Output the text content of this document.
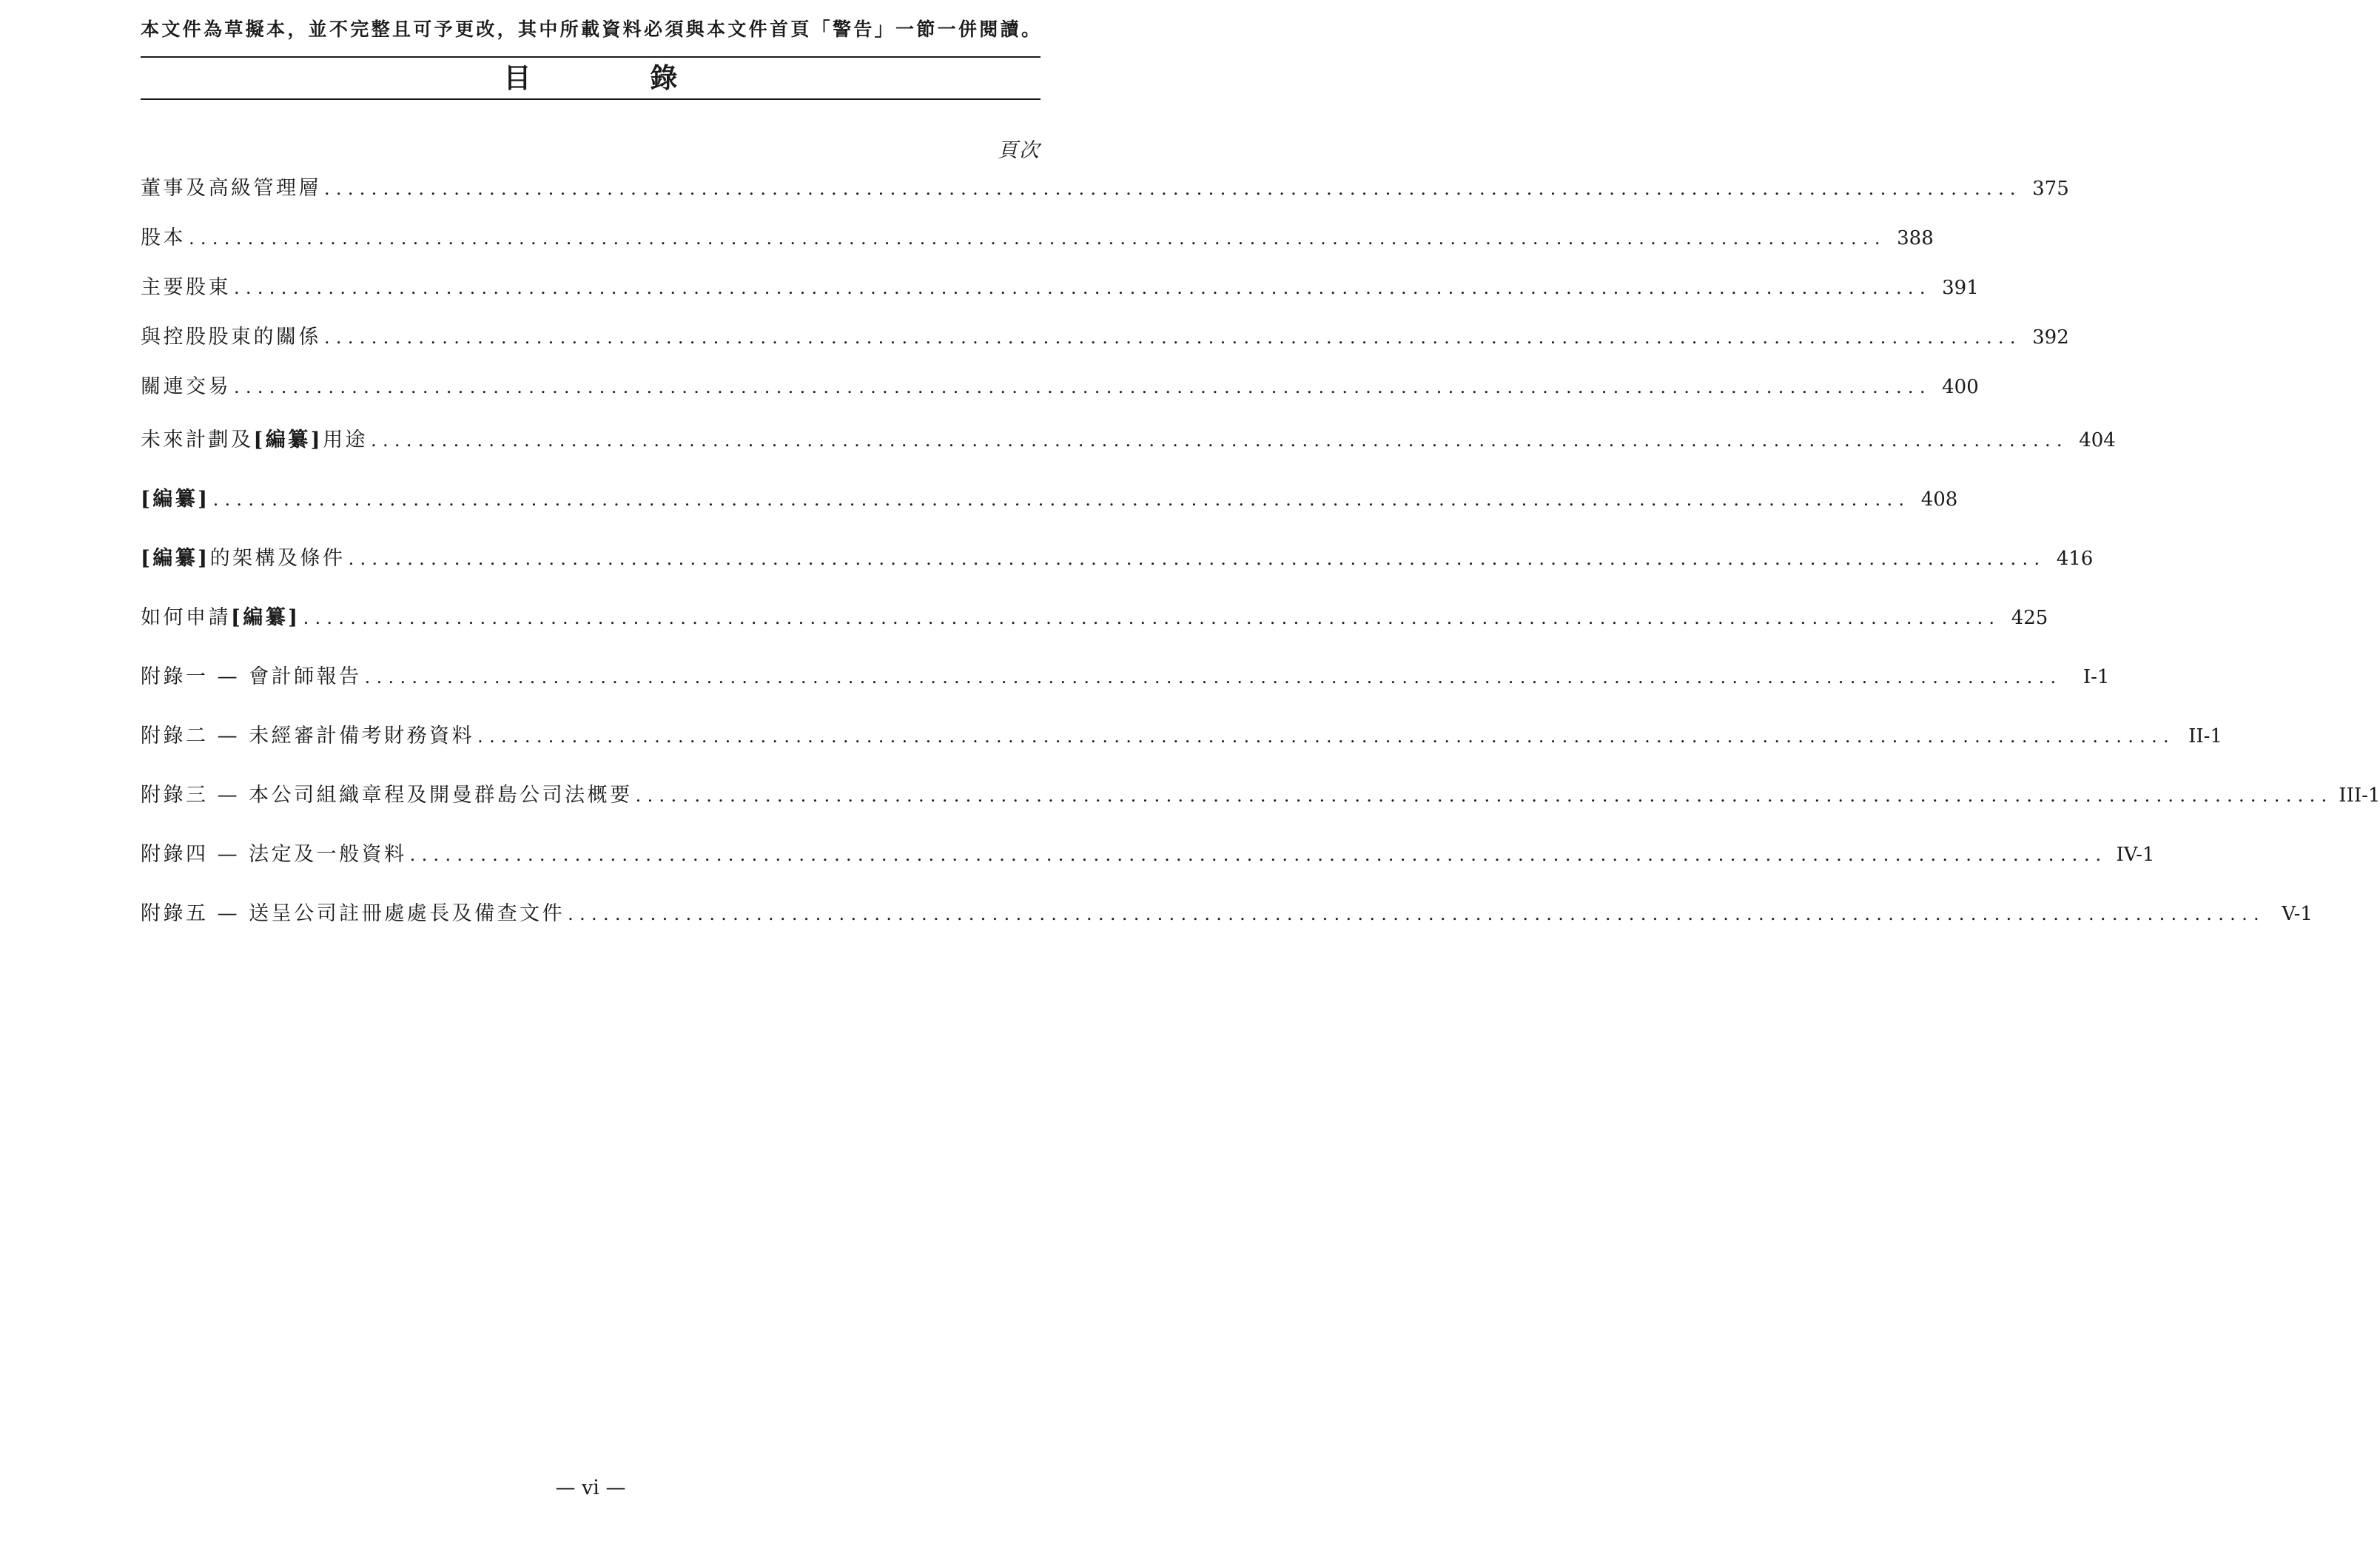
本文件為草擬本，並不完整且可予更改，其中所載資料必須與本文件首頁「警告」一節一併閱讀。
目 錄
頁次
董事及高級管理層 ................................................................................................................................................ 375
股本 ................................................................................................................................................ 388
主要股東 ................................................................................................................................................ 391
與控股股東的關係 ................................................................................................................................................ 392
關連交易 ................................................................................................................................................ 400
未來計劃及[編纂]用途 ................................................................................................................................................ 404
[編纂] ................................................................................................................................................ 408
[編纂]的架構及條件 ................................................................................................................................................ 416
如何申請[編纂] ................................................................................................................................................ 425
附錄一 — 會計師報告 ................................................................................................................................................	I-1
附錄二 — 未經審計備考財務資料 ................................................................................................................................................ II-1
附錄三 — 本公司組織章程及開曼群島公司法概要 ................................................................................................................................................ III-1
附錄四 — 法定及一般資料 ................................................................................................................................................ IV-1
附錄五 — 送呈公司註冊處處長及備查文件 ................................................................................................................................................ V-1
— vi —
